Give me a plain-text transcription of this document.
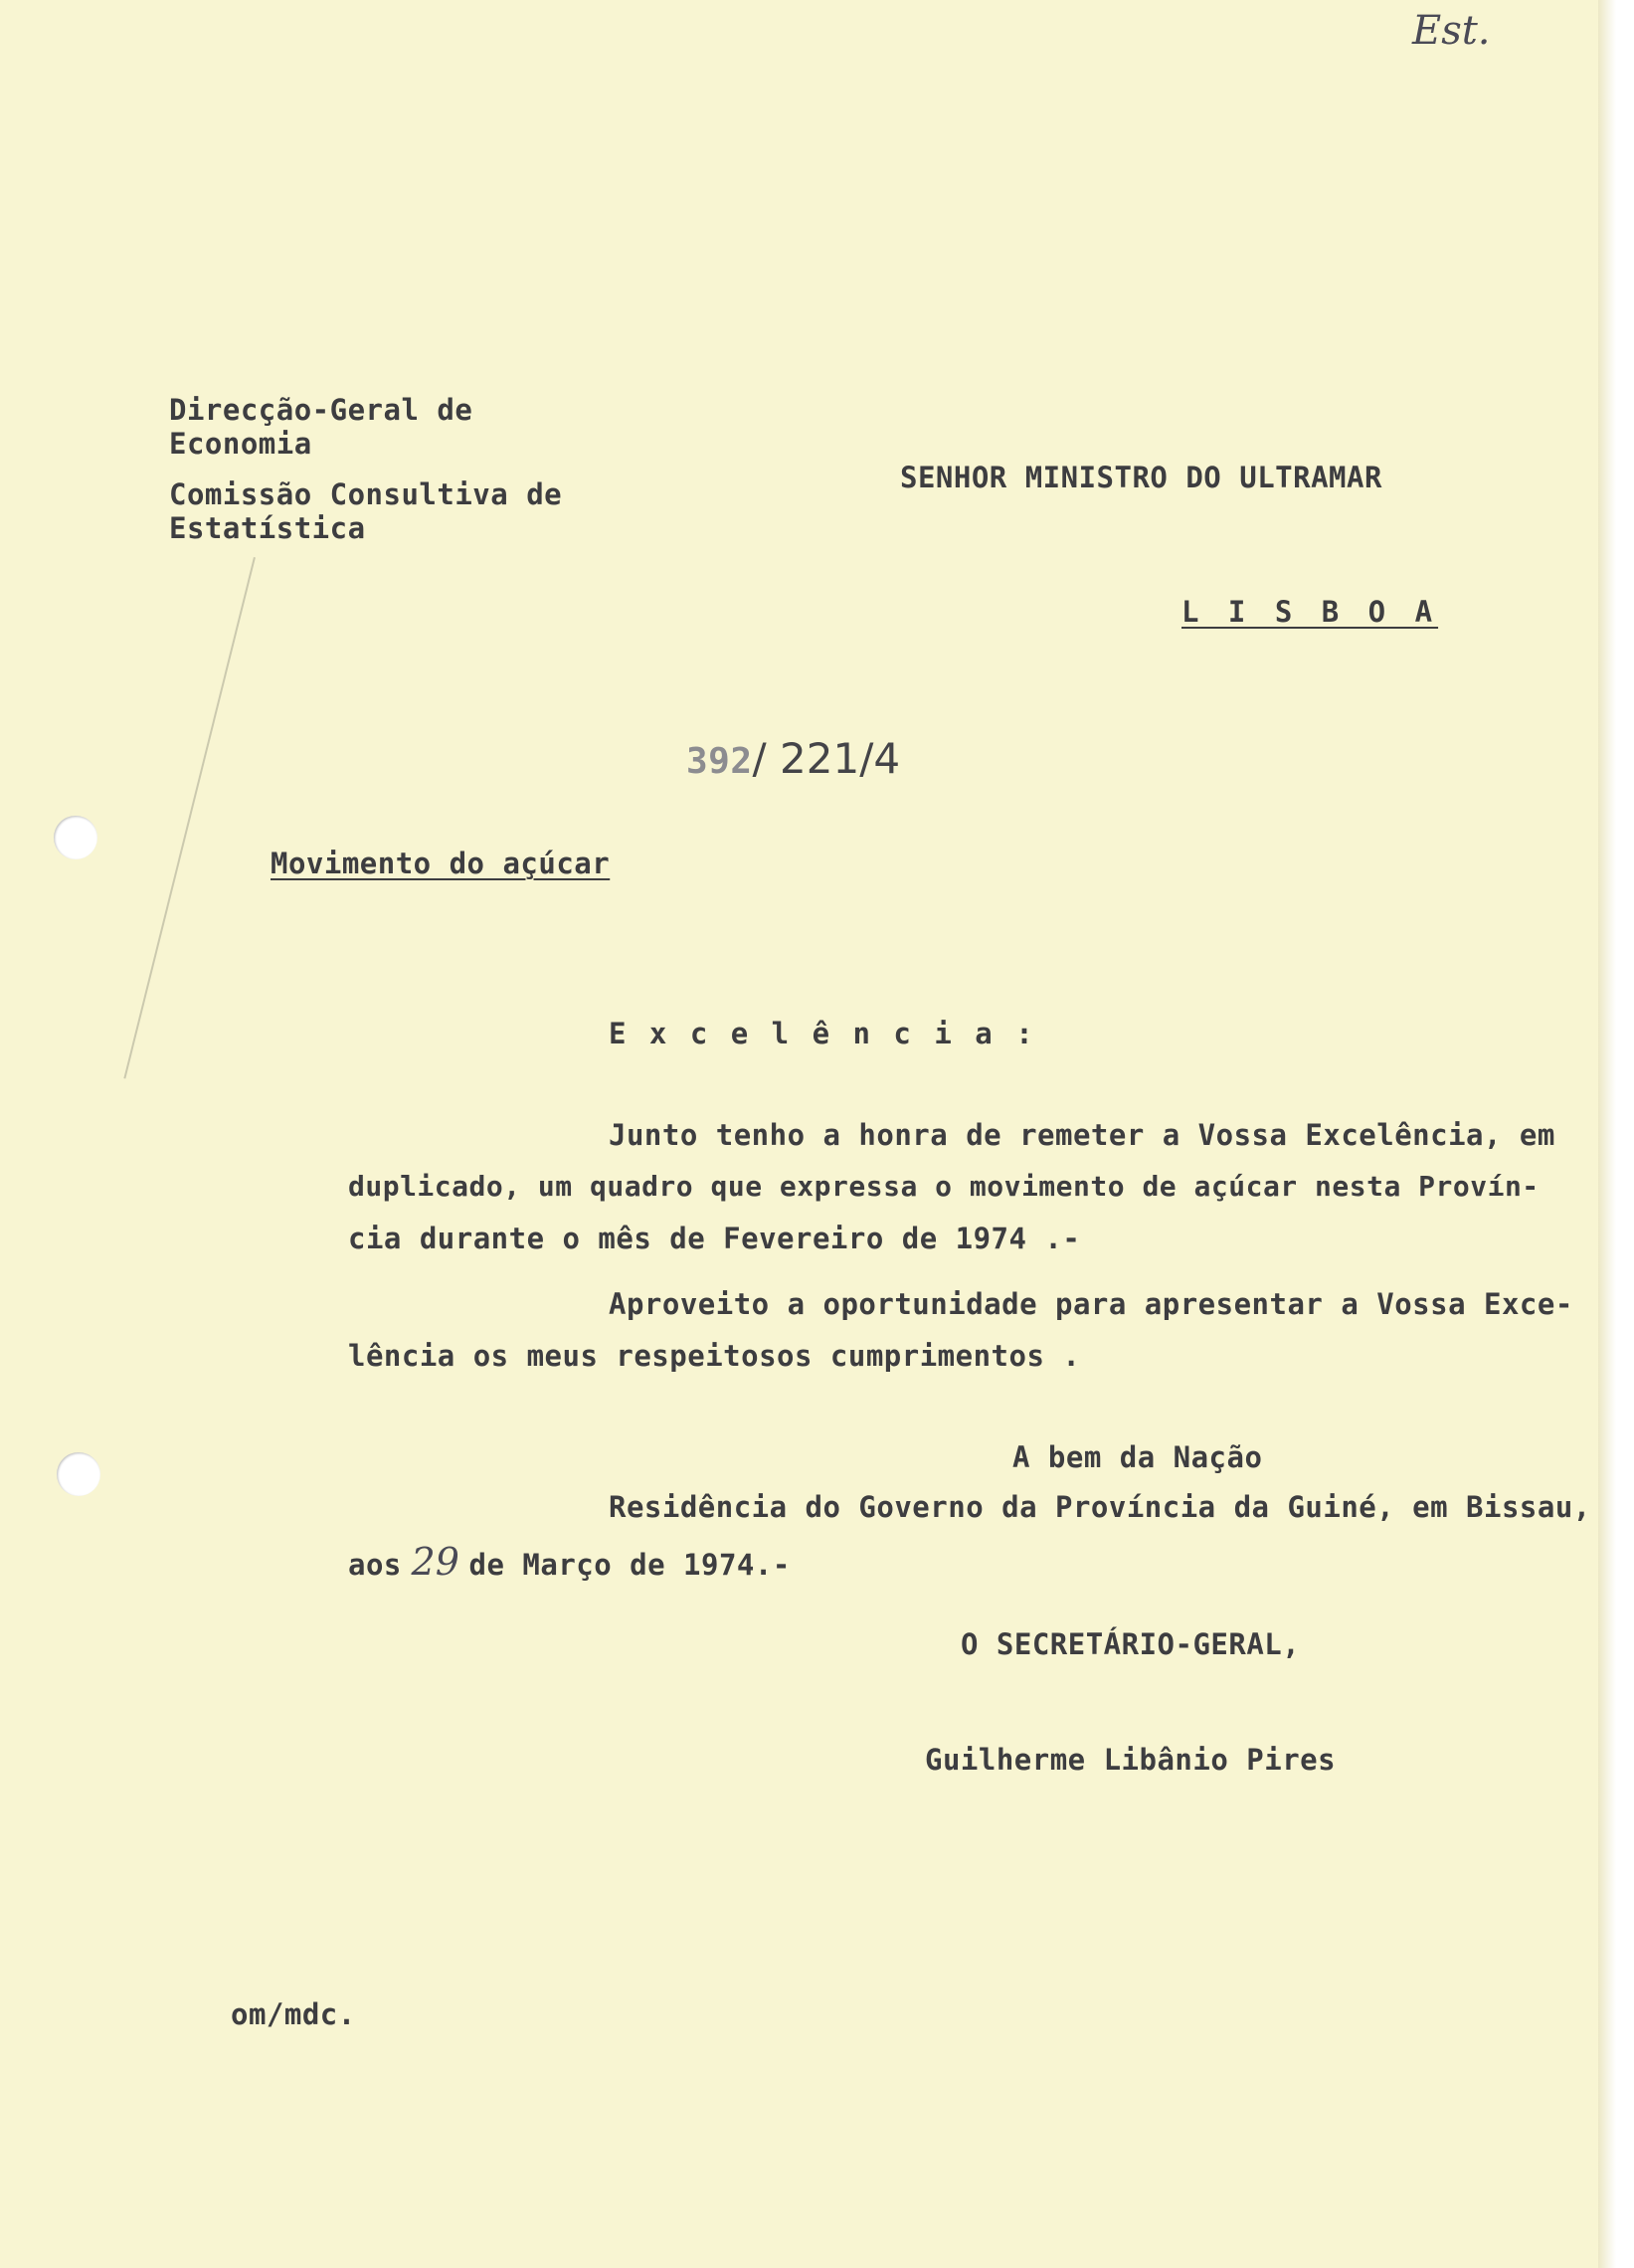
Est.

Direcção-Geral de

Economia

Comissão Consultiva de

Estatística

SENHOR MINISTRO DO ULTRAMAR

L I S B O A

392/ 221/4

Movimento do açúcar

E x c e l ê n c i a :

Junto tenho a honra de remeter a Vossa Excelência, em

duplicado, um quadro que expressa o movimento de açúcar nesta Provín-

cia durante o mês de Fevereiro de 1974 .-

Aproveito a oportunidade para apresentar a Vossa Exce-

lência os meus respeitosos cumprimentos .

A bem da Nação

Residência do Governo da Província da Guiné, em Bissau,

aos 29 de Março de 1974.-

O SECRETÁRIO-GERAL,

Guilherme Libânio Pires

om/mdc.
